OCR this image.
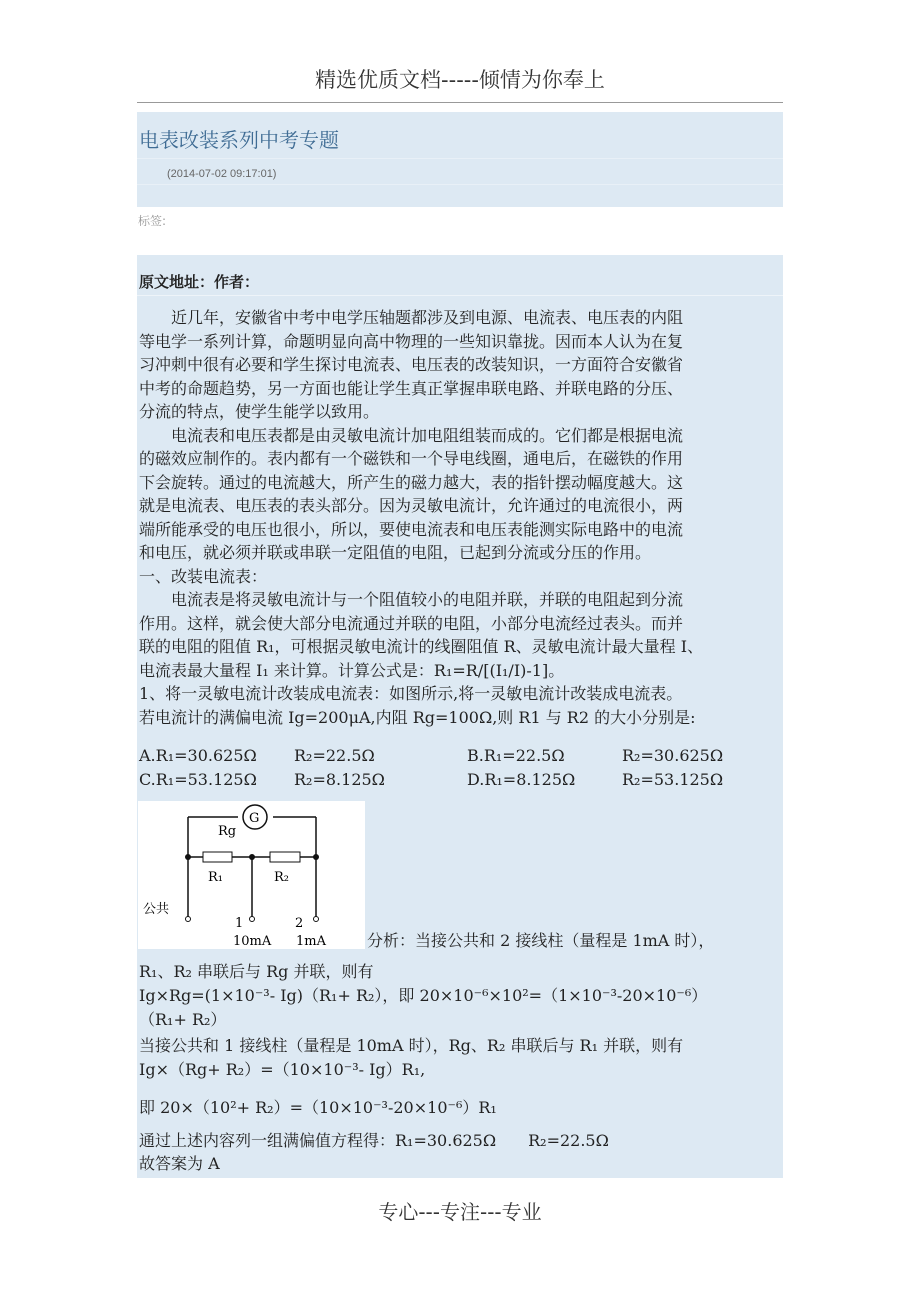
精选优质文档-----倾情为你奉上
电表改装系列中考专题
(2014-07-02 09:17:01)
标签:
原文地址：作者：
　　近几年，安徽省中考中电学压轴题都涉及到电源、电流表、电压表的内阻
等电学一系列计算，命题明显向高中物理的一些知识靠拢。因而本人认为在复
习冲刺中很有必要和学生探讨电流表、电压表的改装知识，一方面符合安徽省
中考的命题趋势，另一方面也能让学生真正掌握串联电路、并联电路的分压、
分流的特点，使学生能学以致用。
　　电流表和电压表都是由灵敏电流计加电阻组装而成的。它们都是根据电流
的磁效应制作的。表内都有一个磁铁和一个导电线圈，通电后，在磁铁的作用
下会旋转。通过的电流越大，所产生的磁力越大，表的指针摆动幅度越大。这
就是电流表、电压表的表头部分。因为灵敏电流计，允许通过的电流很小，两
端所能承受的电压也很小，所以，要使电流表和电压表能测实际电路中的电流
和电压，就必须并联或串联一定阻值的电阻，已起到分流或分压的作用。
一、改装电流表：
　　电流表是将灵敏电流计与一个阻值较小的电阻并联，并联的电阻起到分流
作用。这样，就会使大部分电流通过并联的电阻，小部分电流经过表头。而并
联的电阻的阻值 R₁，可根据灵敏电流计的线圈阻值 R、灵敏电流计最大量程 I、
电流表最大量程 I₁ 来计算。计算公式是：R₁=R/[(I₁/I)-1]。
1、将一灵敏电流计改装成电流表：如图所示,将一灵敏电流计改装成电流表。
若电流计的满偏电流 Ig=200μA,内阻 Rg=100Ω,则 R1 与 R2 的大小分别是:
A.R₁=30.625Ω R₂=22.5Ω	B.R₁=22.5Ω	R₂=30.625Ω
C.R₁=53.125Ω R₂=8.125Ω	D.R₁=8.125Ω	R₂=53.125Ω
G
Rg
R₁	R₂
公共
1	2
10mA 1mA	分析：当接公共和 2 接线柱（量程是 1mA 时），
R₁、R₂ 串联后与 Rg 并联，则有
Ig×Rg=(1×10⁻³- Ig)（R₁+ R₂），即 20×10⁻⁶×10²=（1×10⁻³-20×10⁻⁶）
（R₁+ R₂）
当接公共和 1 接线柱（量程是 10mA 时），Rg、R₂ 串联后与 R₁ 并联，则有
Ig×（Rg+ R₂）=（10×10⁻³- Ig）R₁,
即 20×（10²+ R₂）=（10×10⁻³-20×10⁻⁶）R₁
通过上述内容列一组满偏值方程得：R₁=30.625Ω　　R₂=22.5Ω
故答案为 A
专心---专注---专业
